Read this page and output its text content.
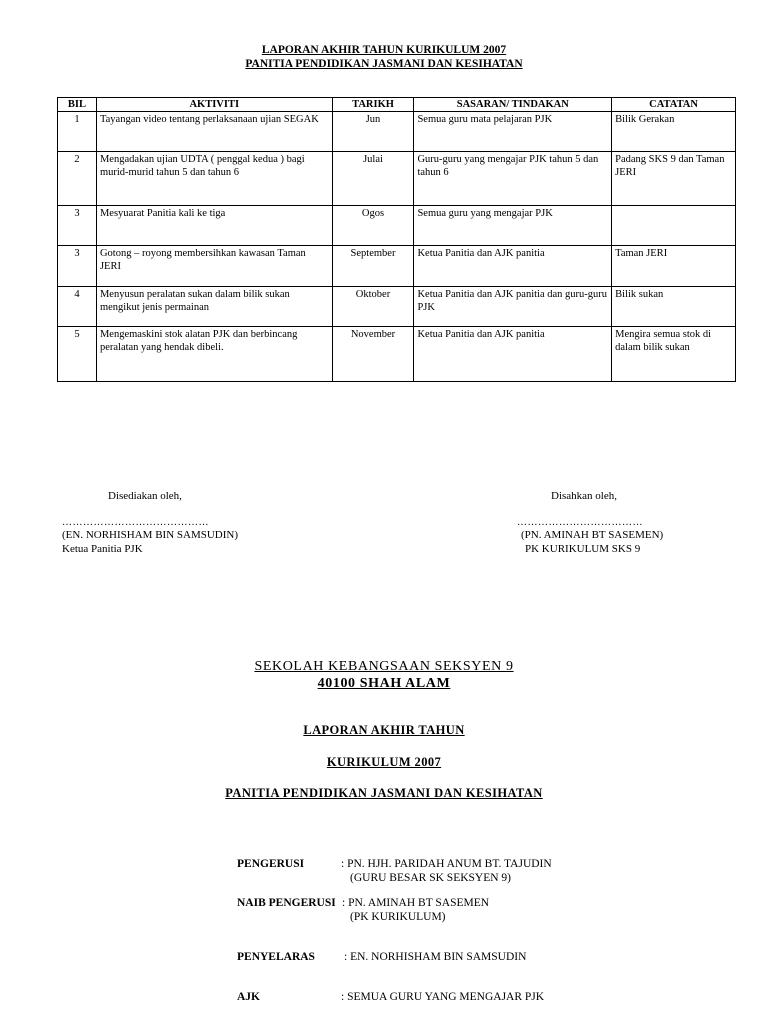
LAPORAN AKHIR TAHUN KURIKULUM 2007
PANITIA PENDIDIKAN JASMANI DAN KESIHATAN
BIL	AKTIVITI	TARIKH	SASARAN/ TINDAKAN	CATATAN
1	Tayangan video tentang perlaksanaan ujian SEGAK	Jun	Semua guru mata pelajaran PJK	Bilik Gerakan
2	Mengadakan ujian UDTA ( penggal kedua ) bagi murid-murid tahun 5 dan tahun 6	Julai	Guru-guru yang mengajar PJK tahun 5 dan tahun 6	Padang SKS 9 dan Taman JERI
3	Mesyuarat Panitia kali ke tiga	Ogos	Semua guru yang mengajar PJK	
3	Gotong – royong membersihkan kawasan Taman JERI	September	Ketua Panitia dan AJK panitia	Taman JERI
4	Menyusun peralatan sukan dalam bilik sukan mengikut jenis permainan	Oktober	Ketua Panitia dan AJK panitia dan guru-guru PJK	Bilik sukan
5	Mengemaskini stok alatan PJK dan berbincang peralatan yang hendak dibeli.	November	Ketua Panitia dan AJK panitia	Mengira semua stok di dalam bilik sukan
Disediakan oleh,
……………………………………
(EN. NORHISHAM BIN SAMSUDIN)
Ketua Panitia PJK
Disahkan oleh,
………………………………
(PN. AMINAH BT SASEMEN)
PK KURIKULUM SKS 9
SEKOLAH KEBANGSAAN SEKSYEN 9
40100 SHAH ALAM
LAPORAN AKHIR TAHUN
KURIKULUM 2007
PANITIA PENDIDIKAN JASMANI DAN KESIHATAN
PENGERUSI	: PN. HJH. PARIDAH ANUM BT. TAJUDIN
(GURU BESAR SK SEKSYEN 9)
NAIB PENGERUSI : PN. AMINAH BT SASEMEN
(PK KURIKULUM)
PENYELARAS	: EN. NORHISHAM BIN SAMSUDIN
AJK	: SEMUA GURU YANG MENGAJAR PJK
